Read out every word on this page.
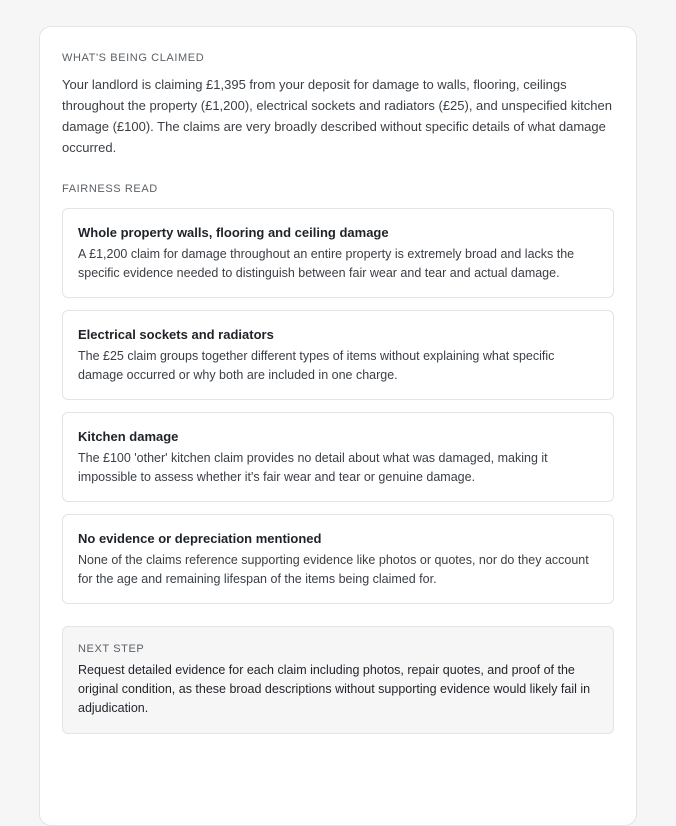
WHAT'S BEING CLAIMED

Your landlord is claiming £1,395 from your deposit for damage to walls, flooring, ceilings throughout the property (£1,200), electrical sockets and radiators (£25), and unspecified kitchen damage (£100). The claims are very broadly described without specific details of what damage occurred.

FAIRNESS READ

Whole property walls, flooring and ceiling damage

A £1,200 claim for damage throughout an entire property is extremely broad and lacks the specific evidence needed to distinguish between fair wear and tear and actual damage.

Electrical sockets and radiators

The £25 claim groups together different types of items without explaining what specific damage occurred or why both are included in one charge.

Kitchen damage

The £100 'other' kitchen claim provides no detail about what was damaged, making it impossible to assess whether it's fair wear and tear or genuine damage.

No evidence or depreciation mentioned

None of the claims reference supporting evidence like photos or quotes, nor do they account for the age and remaining lifespan of the items being claimed for.

NEXT STEP

Request detailed evidence for each claim including photos, repair quotes, and proof of the original condition, as these broad descriptions without supporting evidence would likely fail in adjudication.
